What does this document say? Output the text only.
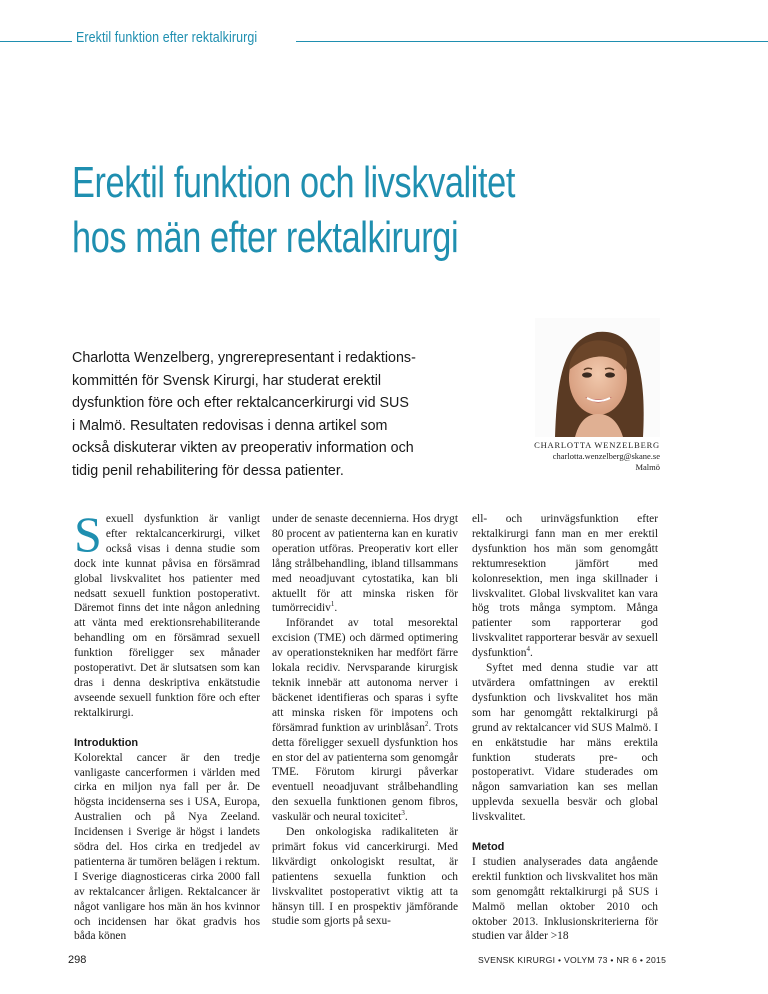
Erektil funktion efter rektalkirurgi
Erektil funktion och livskvalitet
hos män efter rektalkirurgi
Charlotta Wenzelberg, yngrerepresentant i redaktions-
kommittén för Svensk Kirurgi, har studerat erektil
dysfunktion före och efter rektalcancerkirurgi vid SUS
i Malmö. Resultaten redovisas i denna artikel som
också diskuterar vikten av preoperativ information och
tidig penil rehabilitering för dessa patienter.
CHARLOTTA WENZELBERG
charlotta.wenzelberg@skane.se
Malmö

Sexuell dysfunktion är vanligt efter rektalcancerkirurgi, vilket också visas i denna studie som dock inte kunnat påvisa en försämrad global livskvalitet hos patienter med nedsatt sexuell funktion postoperativt. Däremot finns det inte någon anledning att vänta med erektionsrehabiliterande behandling om en försämrad sexuell funktion föreligger sex månader postoperativt. Det är slutsatsen som kan dras i denna deskriptiva enkätstudie avseende sexuell funktion före och efter rektalkirurgi.

Introduktion

Kolorektal cancer är den tredje vanligaste cancerformen i världen med cirka en miljon nya fall per år. De högsta incidenserna ses i USA, Europa, Australien och på Nya Zeeland. Incidensen i Sverige är högst i landets södra del. Hos cirka en tredjedel av patienterna är tumören belägen i rektum. I Sverige diagnosticeras cirka 2000 fall av rektalcancer årligen. Rektalcancer är något vanligare hos män än hos kvinnor och incidensen har ökat gradvis hos båda könen

under de senaste decennierna. Hos drygt 80 procent av patienterna kan en kurativ operation utföras. Preoperativ kort eller lång strålbehandling, ibland tillsammans med neoadjuvant cytostatika, kan bli aktuellt för att minska risken för tumörrecidiv$^1$.

Införandet av total mesorektal excision (TME) och därmed optimering av operationstekniken har medfört färre lokala recidiv. Nervsparande kirurgisk teknik innebär att autonoma nerver i bäckenet identifieras och sparas i syfte att minska risken för impotens och försämrad funktion av urinblåsan$^2$. Trots detta föreligger sexuell dysfunktion hos en stor del av patienterna som genomgår TME. Förutom kirurgi påverkar eventuell neoadjuvant strålbehandling den sexuella funktionen genom fibros, vaskulär och neural toxicitet$^3$.

Den onkologiska radikaliteten är primärt fokus vid cancerkirurgi. Med likvärdigt onkologiskt resultat, är patientens sexuella funktion och livskvalitet postoperativt viktig att ta hänsyn till. I en prospektiv jämförande studie som gjorts på sexu-

ell- och urinvägsfunktion efter rektalkirurgi fann man en mer erektil dysfunktion hos män som genomgått rektumresektion jämfört med kolonresektion, men inga skillnader i livskvalitet. Global livskvalitet kan vara hög trots många symptom. Många patienter som rapporterar god livskvalitet rapporterar besvär av sexuell dysfunktion$^4$.

Syftet med denna studie var att utvärdera omfattningen av erektil dysfunktion och livskvalitet hos män som har genomgått rektalkirurgi på grund av rektalcancer vid SUS Malmö. I en enkätstudie har mäns erektila funktion studerats pre- och postoperativt. Vidare studerades om någon samvariation kan ses mellan upplevda sexuella besvär och global livskvalitet.

Metod

I studien analyserades data angående erektil funktion och livskvalitet hos män som genomgått rektalkirurgi på SUS i Malmö mellan oktober 2010 och oktober 2013. Inklusionskriterierna för studien var ålder >18

298	SVENSK KIRURGI • VOLYM 73 • NR 6 • 2015
